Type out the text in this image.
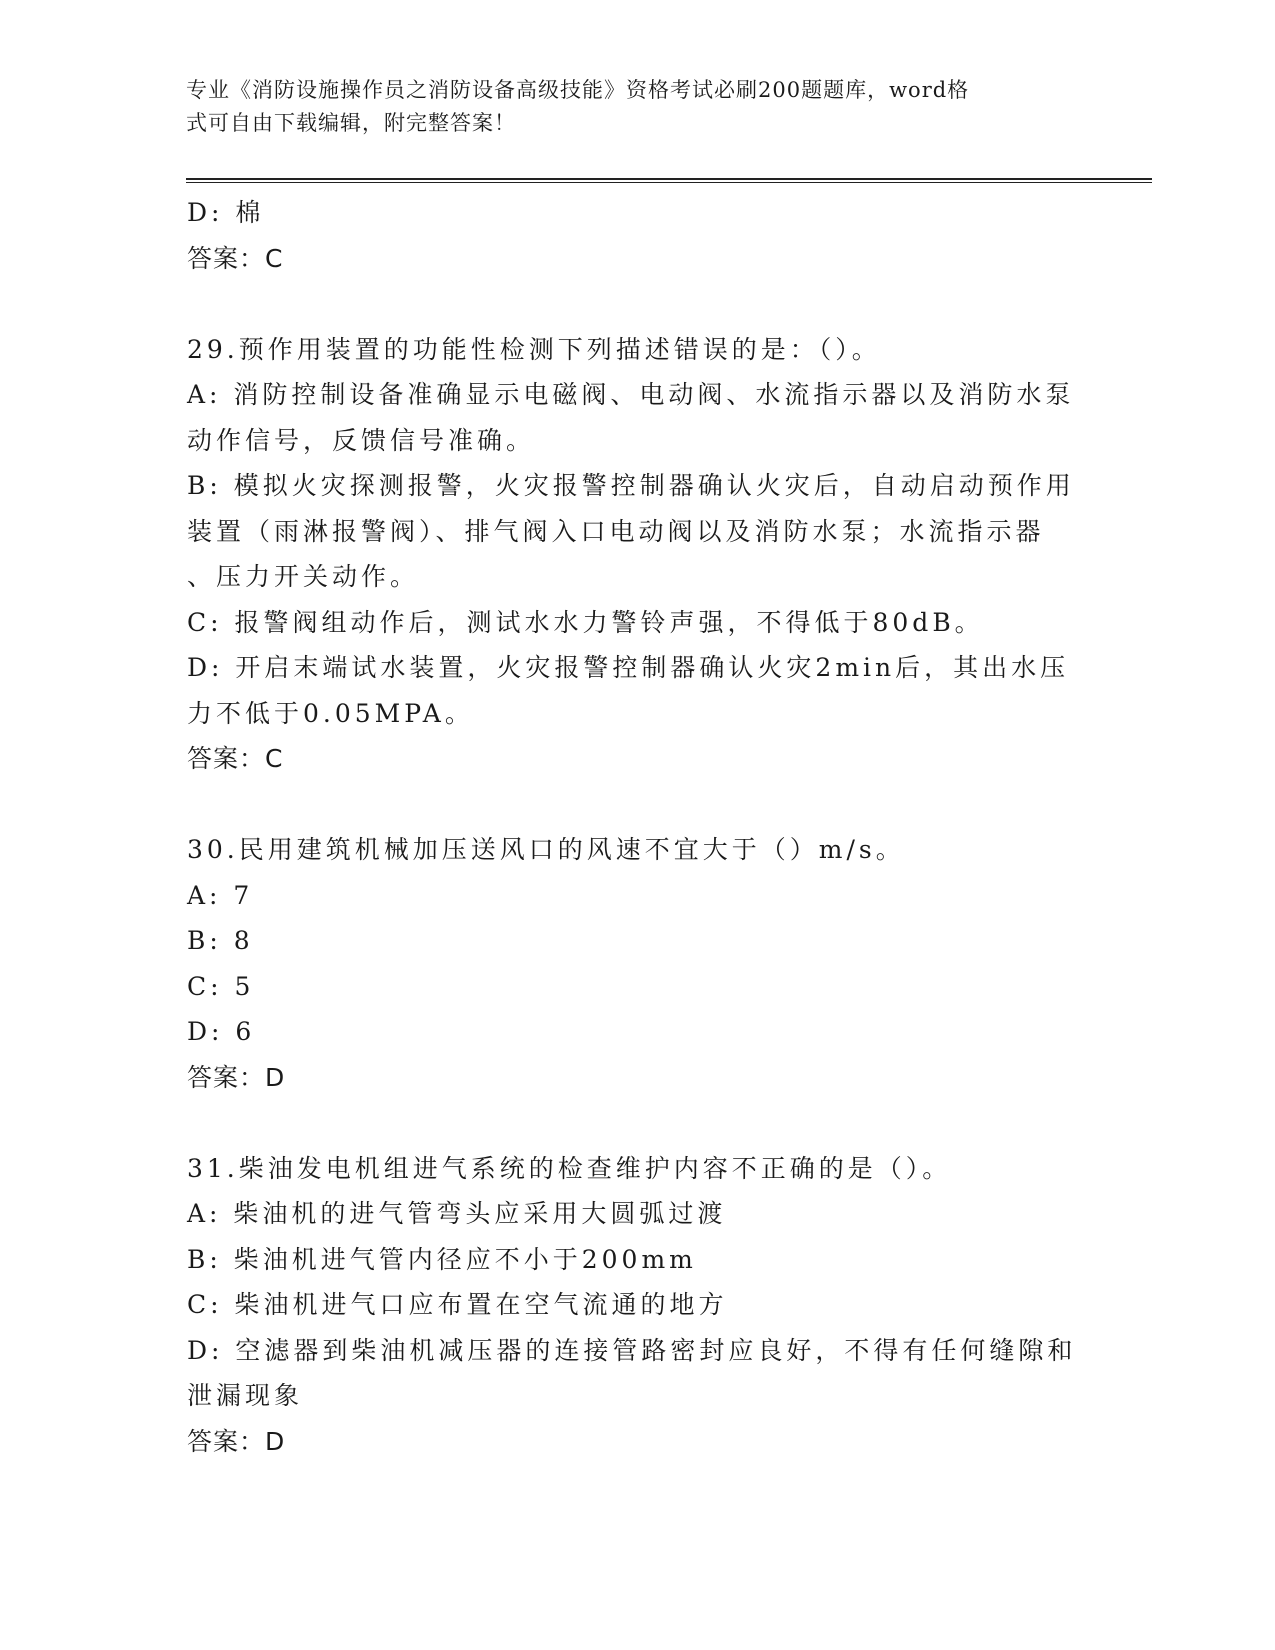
专业《消防设施操作员之消防设备高级技能》资格考试必刷200题题库，word格
式可自由下载编辑，附完整答案！
D: 棉
答案：C
29.预作用装置的功能性检测下列描述错误的是：（）。
A: 消防控制设备准确显示电磁阀、电动阀、水流指示器以及消防水泵
动作信号，反馈信号准确。
B: 模拟火灾探测报警，火灾报警控制器确认火灾后，自动启动预作用
装置（雨淋报警阀）、排气阀入口电动阀以及消防水泵；水流指示器
、压力开关动作。
C: 报警阀组动作后，测试水水力警铃声强，不得低于80dB。
D: 开启末端试水装置，火灾报警控制器确认火灾2min后，其出水压
力不低于0.05MPA。
答案：C
30.民用建筑机械加压送风口的风速不宜大于（）m/s。
A: 7
B: 8
C: 5
D: 6
答案：D
31.柴油发电机组进气系统的检查维护内容不正确的是（）。
A: 柴油机的进气管弯头应采用大圆弧过渡
B: 柴油机进气管内径应不小于200mm
C: 柴油机进气口应布置在空气流通的地方
D: 空滤器到柴油机减压器的连接管路密封应良好，不得有任何缝隙和
泄漏现象
答案：D
